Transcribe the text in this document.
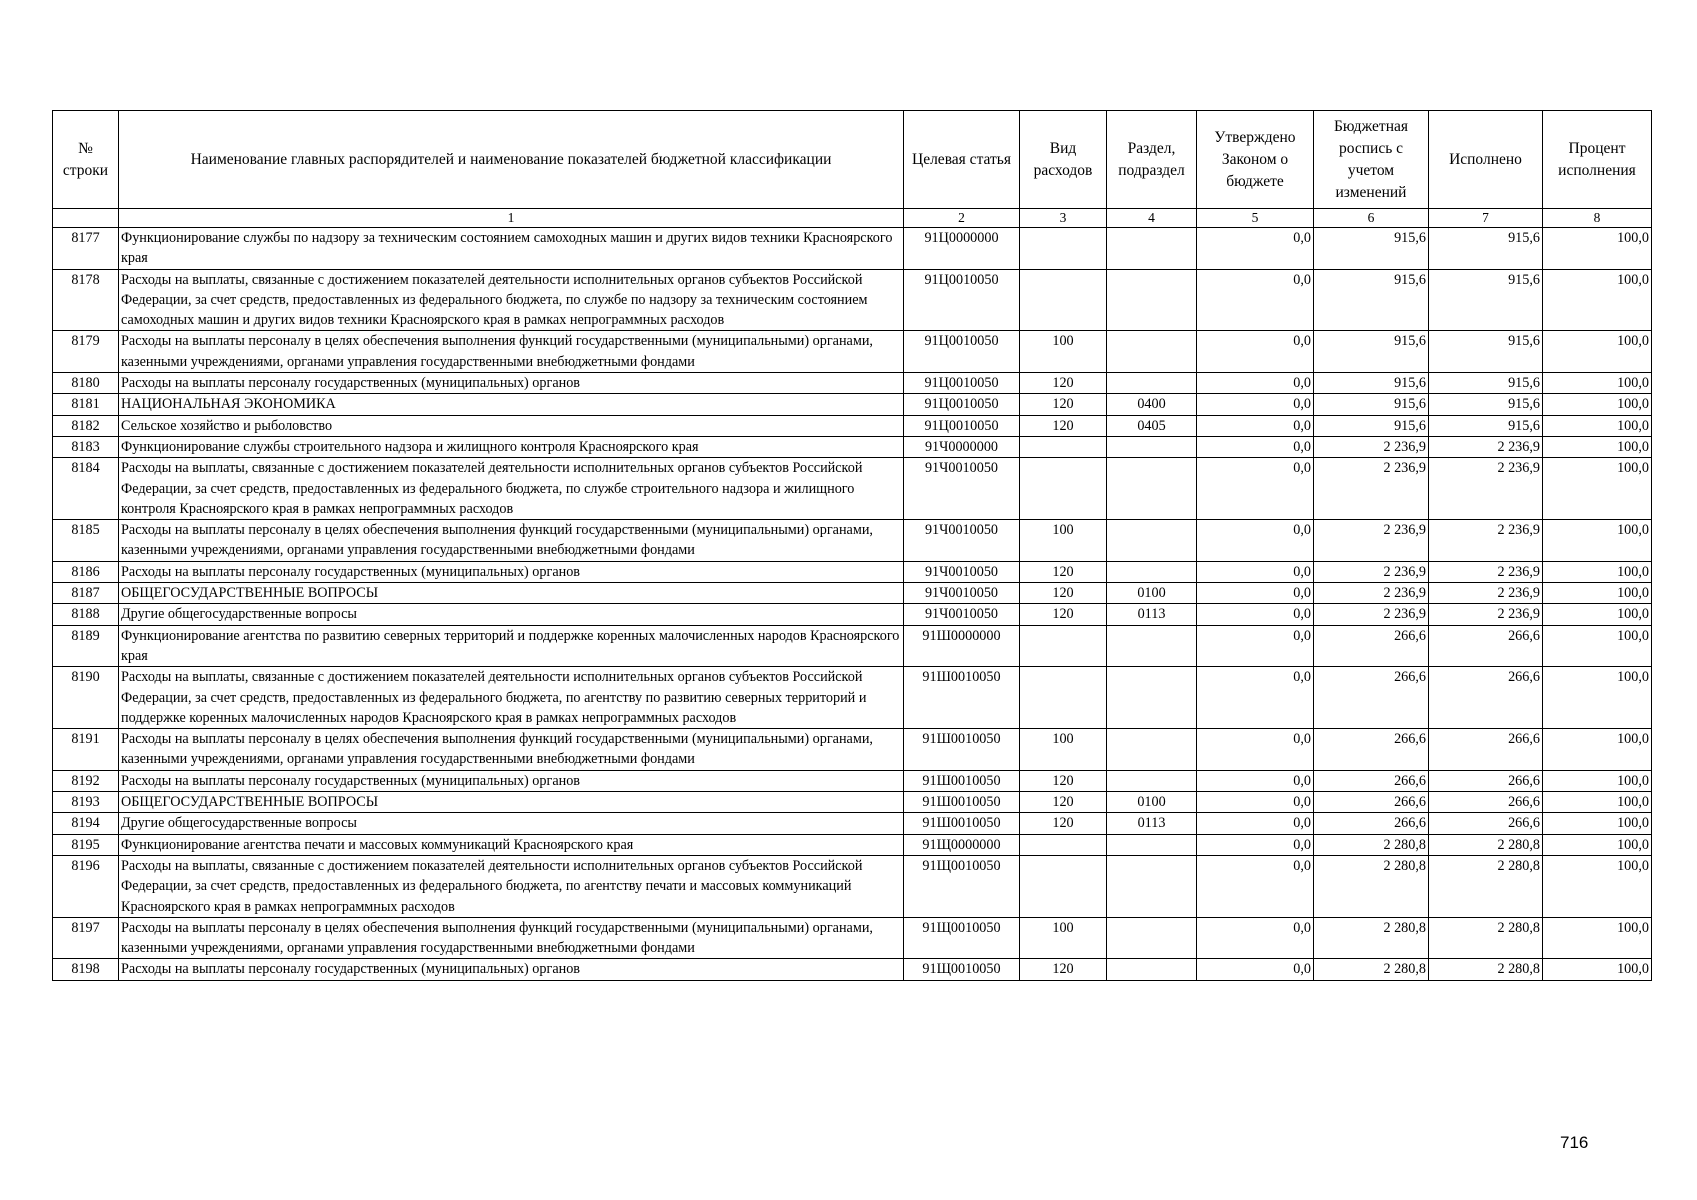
№ строки	Наименование главных распорядителей и наименование показателей бюджетной классификации	Целевая статья	Вид расходов	Раздел, подраздел	Утверждено Законом о бюджете	Бюджетная роспись с учетом изменений	Исполнено	Процент исполнения
	1	2	3	4	5	6	7	8
8177	Функционирование службы по надзору за техническим состоянием самоходных машин и других видов техники Красноярского края	91Ц0000000			0,0	915,6	915,6	100,0
8178	Расходы на выплаты, связанные с достижением показателей деятельности исполнительных органов субъектов Российской Федерации, за счет средств, предоставленных из федерального бюджета, по службе по надзору за техническим состоянием самоходных машин и других видов техники Красноярского края в рамках непрограммных расходов	91Ц0010050			0,0	915,6	915,6	100,0
8179	Расходы на выплаты персоналу в целях обеспечения выполнения функций государственными (муниципальными) органами, казенными учреждениями, органами управления государственными внебюджетными фондами	91Ц0010050	100		0,0	915,6	915,6	100,0
8180	Расходы на выплаты персоналу государственных (муниципальных) органов	91Ц0010050	120		0,0	915,6	915,6	100,0
8181	НАЦИОНАЛЬНАЯ ЭКОНОМИКА	91Ц0010050	120	0400	0,0	915,6	915,6	100,0
8182	Сельское хозяйство и рыболовство	91Ц0010050	120	0405	0,0	915,6	915,6	100,0
8183	Функционирование службы строительного надзора и жилищного контроля Красноярского края	91Ч0000000			0,0	2 236,9	2 236,9	100,0
8184	Расходы на выплаты, связанные с достижением показателей деятельности исполнительных органов субъектов Российской Федерации, за счет средств, предоставленных из федерального бюджета, по службе строительного надзора и жилищного контроля Красноярского края в рамках непрограммных расходов	91Ч0010050			0,0	2 236,9	2 236,9	100,0
8185	Расходы на выплаты персоналу в целях обеспечения выполнения функций государственными (муниципальными) органами, казенными учреждениями, органами управления государственными внебюджетными фондами	91Ч0010050	100		0,0	2 236,9	2 236,9	100,0
8186	Расходы на выплаты персоналу государственных (муниципальных) органов	91Ч0010050	120		0,0	2 236,9	2 236,9	100,0
8187	ОБЩЕГОСУДАРСТВЕННЫЕ ВОПРОСЫ	91Ч0010050	120	0100	0,0	2 236,9	2 236,9	100,0
8188	Другие общегосударственные вопросы	91Ч0010050	120	0113	0,0	2 236,9	2 236,9	100,0
8189	Функционирование агентства по развитию северных территорий и поддержке коренных малочисленных народов Красноярского края	91Ш0000000			0,0	266,6	266,6	100,0
8190	Расходы на выплаты, связанные с достижением показателей деятельности исполнительных органов субъектов Российской Федерации, за счет средств, предоставленных из федерального бюджета, по агентству по развитию северных территорий и поддержке коренных малочисленных народов Красноярского края в рамках непрограммных расходов	91Ш0010050			0,0	266,6	266,6	100,0
8191	Расходы на выплаты персоналу в целях обеспечения выполнения функций государственными (муниципальными) органами, казенными учреждениями, органами управления государственными внебюджетными фондами	91Ш0010050	100		0,0	266,6	266,6	100,0
8192	Расходы на выплаты персоналу государственных (муниципальных) органов	91Ш0010050	120		0,0	266,6	266,6	100,0
8193	ОБЩЕГОСУДАРСТВЕННЫЕ ВОПРОСЫ	91Ш0010050	120	0100	0,0	266,6	266,6	100,0
8194	Другие общегосударственные вопросы	91Ш0010050	120	0113	0,0	266,6	266,6	100,0
8195	Функционирование агентства печати и массовых коммуникаций Красноярского края	91Щ0000000			0,0	2 280,8	2 280,8	100,0
8196	Расходы на выплаты, связанные с достижением показателей деятельности исполнительных органов субъектов Российской Федерации, за счет средств, предоставленных из федерального бюджета, по агентству печати и массовых коммуникаций Красноярского края в рамках непрограммных расходов	91Щ0010050			0,0	2 280,8	2 280,8	100,0
8197	Расходы на выплаты персоналу в целях обеспечения выполнения функций государственными (муниципальными) органами, казенными учреждениями, органами управления государственными внебюджетными фондами	91Щ0010050	100		0,0	2 280,8	2 280,8	100,0
8198	Расходы на выплаты персоналу государственных (муниципальных) органов	91Щ0010050	120		0,0	2 280,8	2 280,8	100,0
716
